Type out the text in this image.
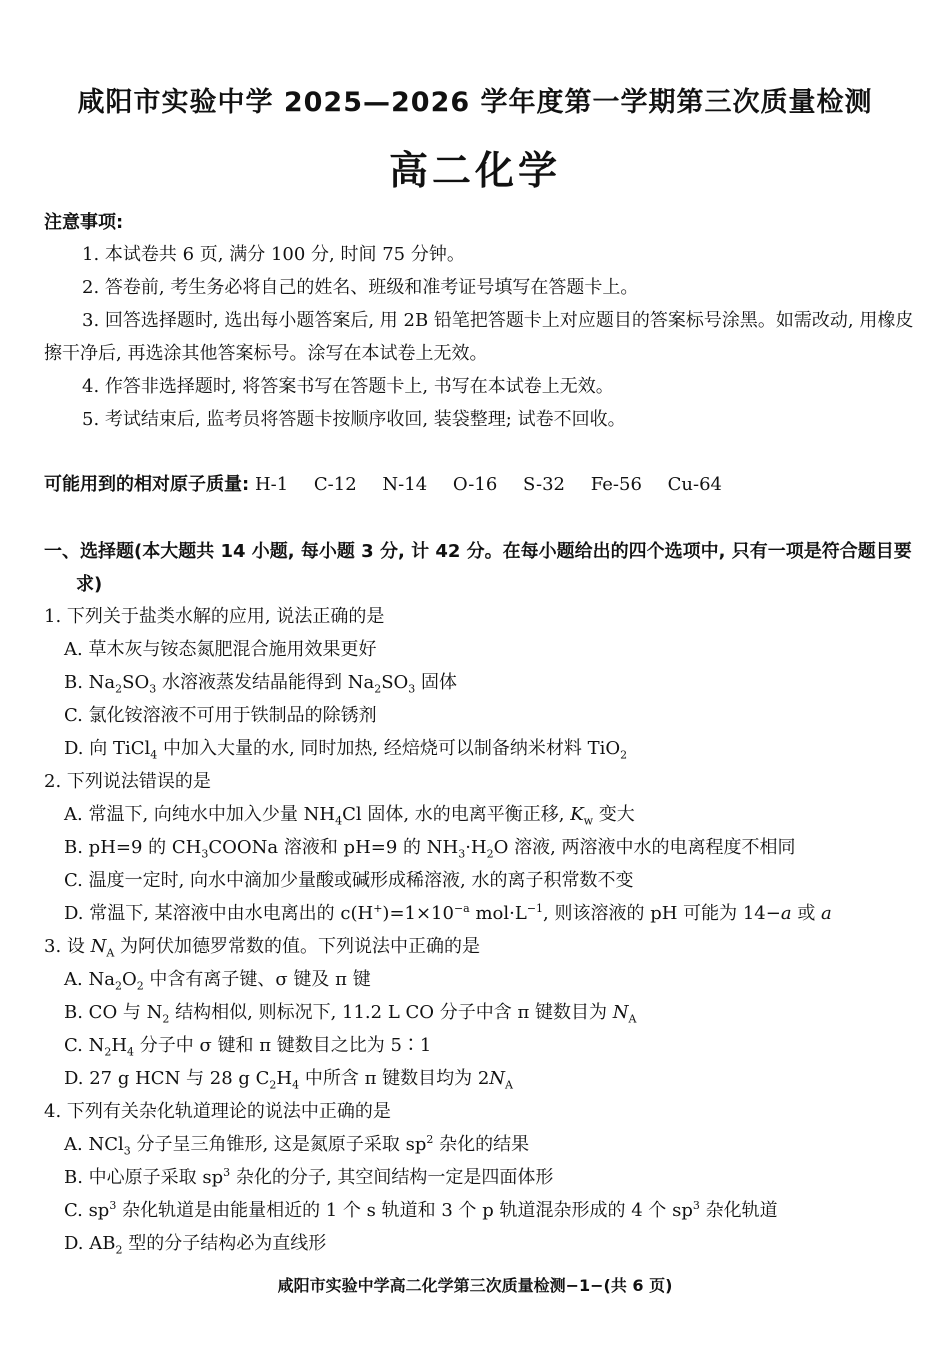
咸阳市实验中学 2025—2026 学年度第一学期第三次质量检测
高二化学
注意事项:
1. 本试卷共 6 页, 满分 100 分, 时间 75 分钟。
2. 答卷前, 考生务必将自己的姓名、班级和准考证号填写在答题卡上。
3. 回答选择题时, 选出每小题答案后, 用 2B 铅笔把答题卡上对应题目的答案标号涂黑。如需改动, 用橡皮擦干净后, 再选涂其他答案标号。涂写在本试卷上无效。
4. 作答非选择题时, 将答案书写在答题卡上, 书写在本试卷上无效。
5. 考试结束后, 监考员将答题卡按顺序收回, 装袋整理; 试卷不回收。
可能用到的相对原子质量: H-1 C-12 N-14 O-16 S-32 Fe-56 Cu-64
一、选择题(本大题共 14 小题, 每小题 3 分, 计 42 分。在每小题给出的四个选项中, 只有一项是符合题目要求)
1. 下列关于盐类水解的应用, 说法正确的是
A. 草木灰与铵态氮肥混合施用效果更好
B. $Na_2SO_3$ 水溶液蒸发结晶能得到 $Na_2SO_3$ 固体
C. 氯化铵溶液不可用于铁制品的除锈剂
D. 向 TiCl$_4$ 中加入大量的水, 同时加热, 经焙烧可以制备纳米材料 TiO$_2$
2. 下列说法错误的是
A. 常温下, 向纯水中加入少量 $NH_4Cl$ 固体, 水的电离平衡正移, $K_w$ 变大
B. pH=9 的 $CH_3COONa$ 溶液和 pH=9 的 $NH_3\cdot H_2O$ 溶液, 两溶液中水的电离程度不相同
C. 温度一定时, 向水中滴加少量酸或碱形成稀溶液, 水的离子积常数不变
D. 常温下, 某溶液中由水电离出的 $c(H^+)=1\times 10^{-a}$ $mol\cdot L^{-1}$, 则该溶液的 pH 可能为 14−a 或 a
3. 设 $N_A$ 为阿伏加德罗常数的值。下列说法中正确的是
A. $Na_2O_2$ 中含有离子键、σ 键及 π 键
B. CO 与 $N_2$ 结构相似, 则标况下, 11.2 L CO 分子中含 π 键数目为 $N_A$
C. $N_2H_4$ 分子中 σ 键和 π 键数目之比为 5∶1
D. 27 g HCN 与 28 g $C_2H_4$ 中所含 π 键数目均为 $2N_A$
4. 下列有关杂化轨道理论的说法中正确的是
A. NCl$_3$ 分子呈三角锥形, 这是氮原子采取 $sp^2$ 杂化的结果
B. 中心原子采取 $sp^3$ 杂化的分子, 其空间结构一定是四面体形
C. $sp^3$ 杂化轨道是由能量相近的 1 个 s 轨道和 3 个 p 轨道混杂形成的 4 个 $sp^3$ 杂化轨道
D. $AB_2$ 型的分子结构必为直线形
咸阳市实验中学高二化学第三次质量检测−1−(共 6 页)
